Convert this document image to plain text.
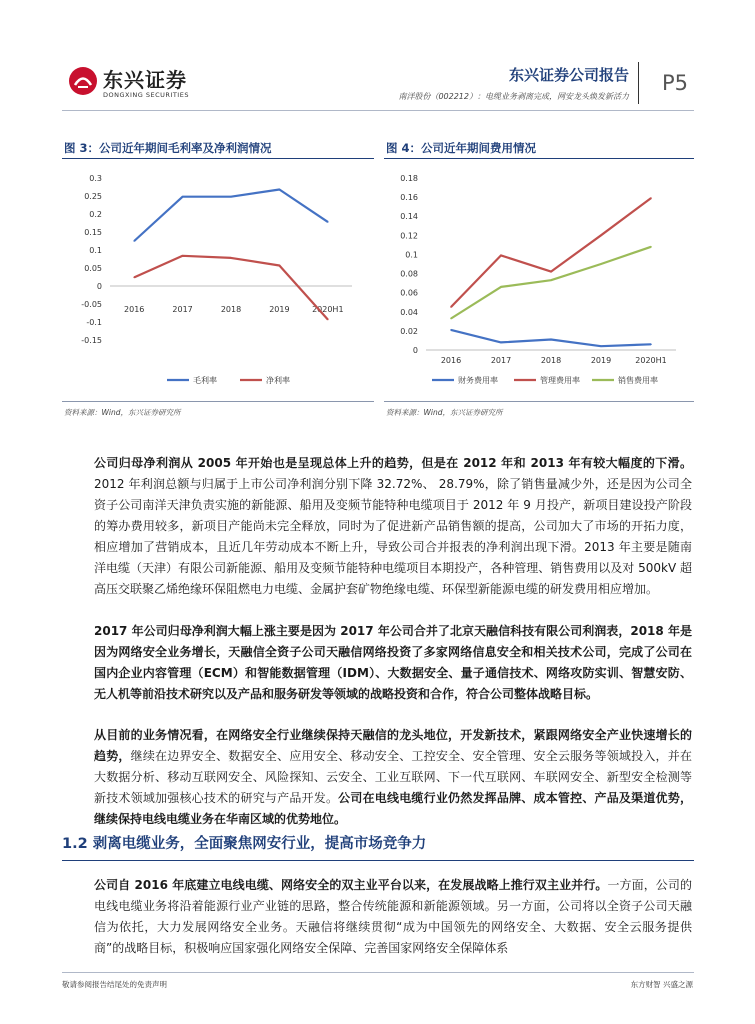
东兴证券
DONGXING SECURITIES
东兴证券公司报告
南洋股份（002212）：电缆业务剥离完成，网安龙头焕发新活力
P5
图 3：公司近年期间毛利率及净利润情况
0.3
0.25
0.2
0.15
0.1
0.05
0
-0.05
-0.1
-0.15
2016	2017	2018	2019	2020H1
毛利率	净利率
资料来源：Wind，东兴证券研究所
图 4：公司近年期间费用情况
0.18
0.16
0.14
0.12
0.1
0.08
0.06
0.04
0.02
0
2016	2017	2018	2019	2020H1
财务费用率	管理费用率	销售费用率
资料来源：Wind，东兴证券研究所

公司归母净利润从 2005 年开始也是呈现总体上升的趋势，但是在 2012 年和 2013 年有较大幅度的下滑。2012 年利润总额与归属于上市公司净利润分别下降 32.72%、 28.79%，除了销售量减少外，还是因为公司全资子公司南洋天津负责实施的新能源、船用及变频节能特种电缆项目于 2012 年 9 月投产，新项目建设投产阶段的筹办费用较多，新项目产能尚未完全释放，同时为了促进新产品销售额的提高，公司加大了市场的开拓力度，相应增加了营销成本，且近几年劳动成本不断上升，导致公司合并报表的净利润出现下滑。2013 年主要是随南洋电缆（天津）有限公司新能源、船用及变频节能特种电缆项目本期投产，各种管理、销售费用以及对 500kV 超高压交联聚乙烯绝缘环保阻燃电力电缆、金属护套矿物绝缘电缆、环保型新能源电缆的研发费用相应增加。

2017 年公司归母净利润大幅上涨主要是因为 2017 年公司合并了北京天融信科技有限公司利润表，2018 年是因为网络安全业务增长，天融信全资子公司天融信网络投资了多家网络信息安全和相关技术公司，完成了公司在国内企业内容管理（ECM）和智能数据管理（IDM）、大数据安全、量子通信技术、网络攻防实训、智慧安防、无人机等前沿技术研究以及产品和服务研发等领域的战略投资和合作，符合公司整体战略目标。

从目前的业务情况看，在网络安全行业继续保持天融信的龙头地位，开发新技术，紧跟网络安全产业快速增长的趋势，继续在边界安全、数据安全、应用安全、移动安全、工控安全、安全管理、安全云服务等领域投入，并在大数据分析、移动互联网安全、风险探知、云安全、工业互联网、下一代互联网、车联网安全、新型安全检测等新技术领域加强核心技术的研究与产品开发。公司在电线电缆行业仍然发挥品牌、成本管控、产品及渠道优势，继续保持电线电缆业务在华南区域的优势地位。

1.2 剥离电缆业务，全面聚焦网安行业，提高市场竞争力

公司自 2016 年底建立电线电缆、网络安全的双主业平台以来，在发展战略上推行双主业并行。一方面，公司的电线电缆业务将沿着能源行业产业链的思路，整合传统能源和新能源领域。另一方面，公司将以全资子公司天融信为依托，大力发展网络安全业务。天融信将继续贯彻“成为中国领先的网络安全、大数据、安全云服务提供商”的战略目标，积极响应国家强化网络安全保障、完善国家网络安全保障体系

敬请参阅报告结尾处的免责声明	东方财智 兴盛之源
